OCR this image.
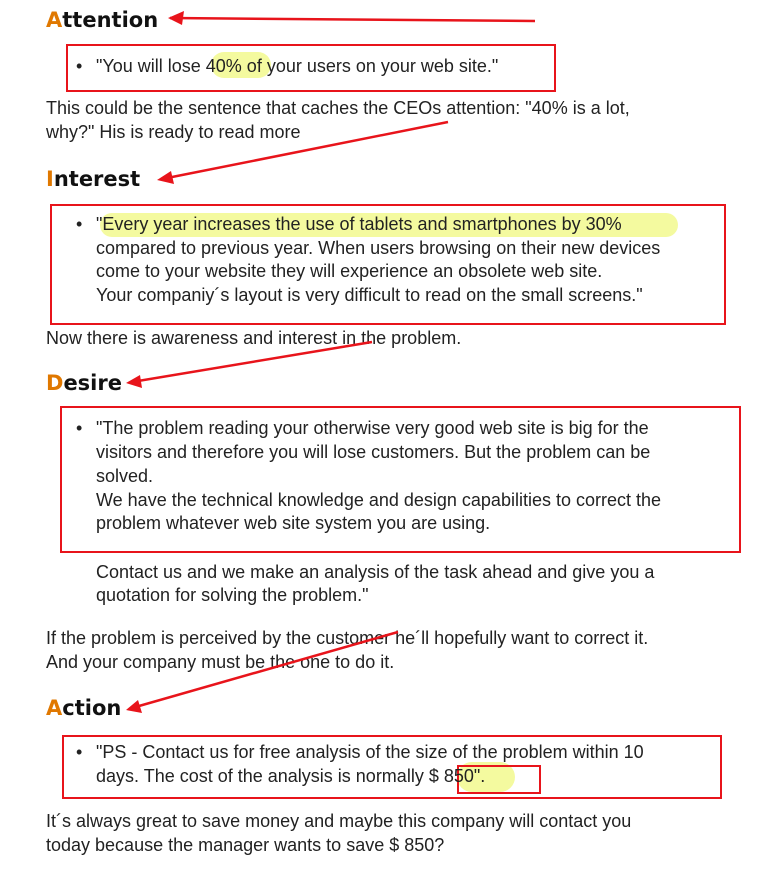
Attention
• "You will lose 40% of your users on your web site."
This could be the sentence that caches the CEOs attention: "40% is a lot,
why?" His is ready to read more
Interest
• "Every year increases the use of tablets and smartphones by 30%
compared to previous year. When users browsing on their new devices
come to your website they will experience an obsolete web site.
Your companiy´s layout is very difficult to read on the small screens."
Now there is awareness and interest in the problem.
Desire
• "The problem reading your otherwise very good web site is big for the
visitors and therefore you will lose customers. But the problem can be
solved.
We have the technical knowledge and design capabilities to correct the
problem whatever web site system you are using.
Contact us and we make an analysis of the task ahead and give you a
quotation for solving the problem."
If the problem is perceived by the customer he´ll hopefully want to correct it.
And your company must be the one to do it.
Action
• "PS - Contact us for free analysis of the size of the problem within 10
days. The cost of the analysis is normally $ 850".
It´s always great to save money and maybe this company will contact you
today because the manager wants to save $ 850?
